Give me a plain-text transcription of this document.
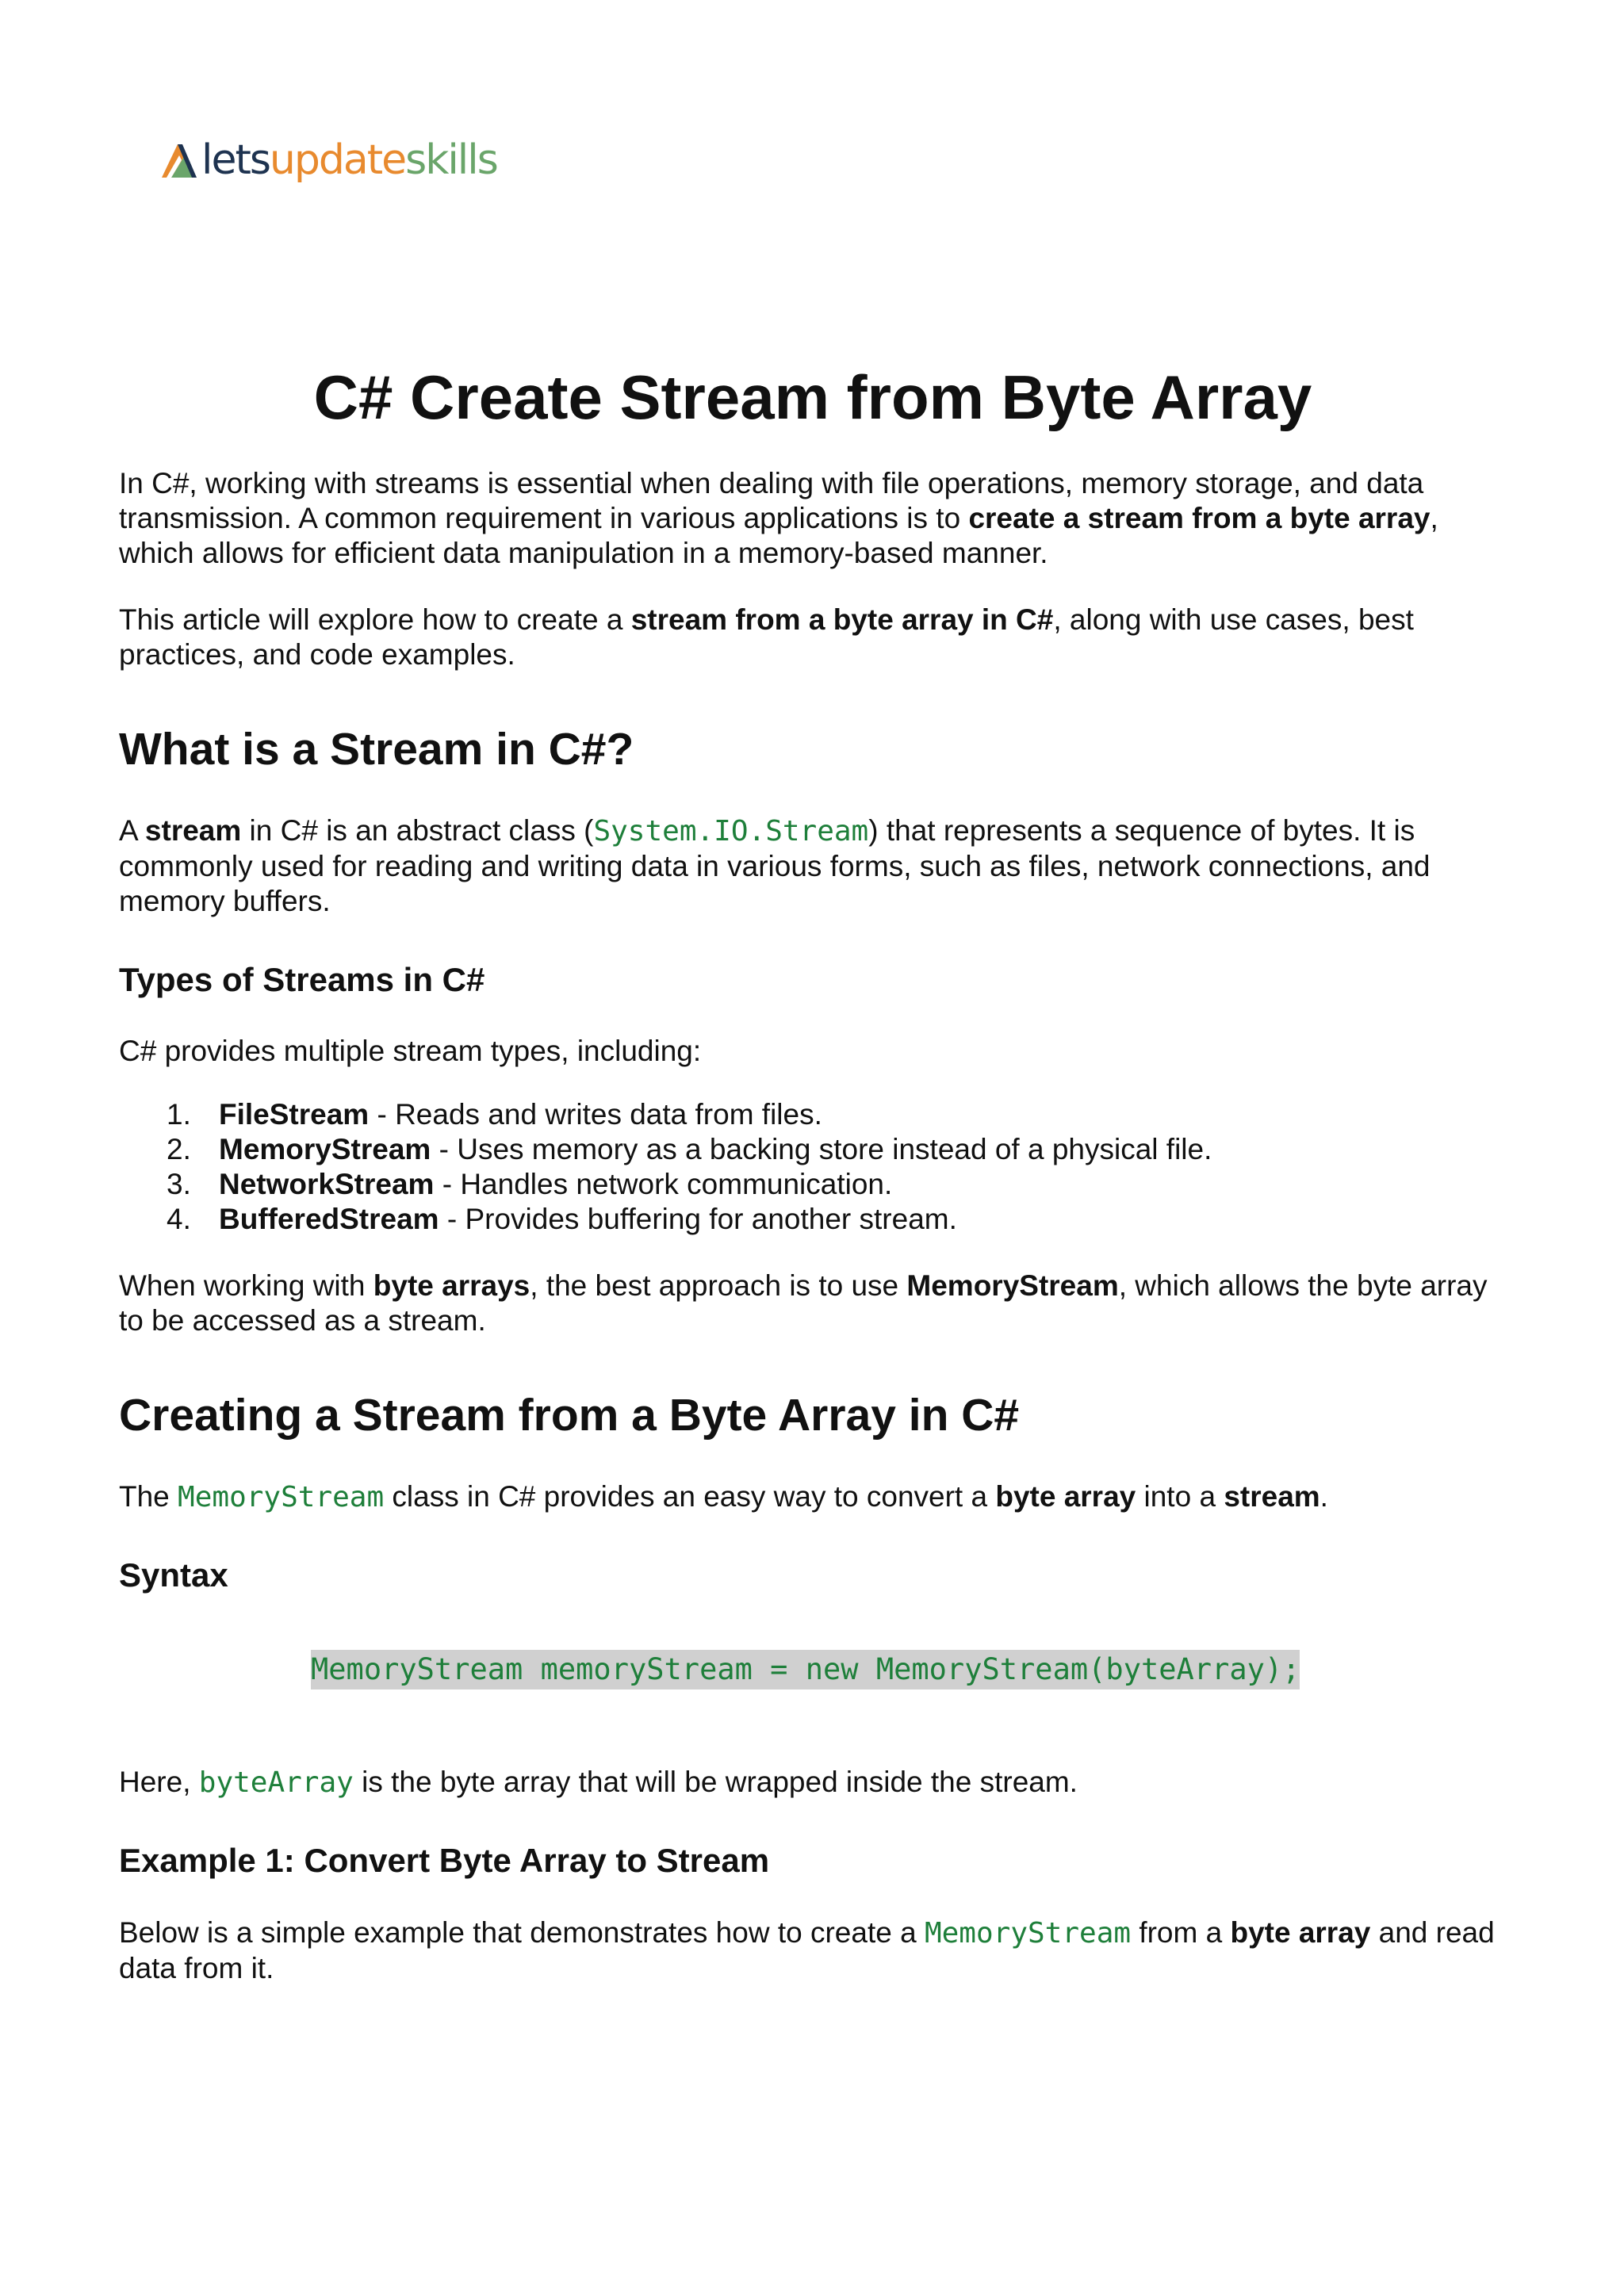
letsupdateskills
C# Create Stream from Byte Array

In C#, working with streams is essential when dealing with file operations, memory storage, and data transmission. A common requirement in various applications is to create a stream from a byte array, which allows for efficient data manipulation in a memory-based manner.

This article will explore how to create a stream from a byte array in C#, along with use cases, best practices, and code examples.

What is a Stream in C#?

A stream in C# is an abstract class (System.IO.Stream) that represents a sequence of bytes. It is commonly used for reading and writing data in various forms, such as files, network connections, and memory buffers.

Types of Streams in C#

C# provides multiple stream types, including:

1. FileStream - Reads and writes data from files.
2. MemoryStream - Uses memory as a backing store instead of a physical file.
3. NetworkStream - Handles network communication.
4. BufferedStream - Provides buffering for another stream.

When working with byte arrays, the best approach is to use MemoryStream, which allows the byte array to be accessed as a stream.

Creating a Stream from a Byte Array in C#

The MemoryStream class in C# provides an easy way to convert a byte array into a stream.

Syntax
MemoryStream memoryStream = new MemoryStream(byteArray);

Here, byteArray is the byte array that will be wrapped inside the stream.

Example 1: Convert Byte Array to Stream

Below is a simple example that demonstrates how to create a MemoryStream from a byte array and read data from it.
